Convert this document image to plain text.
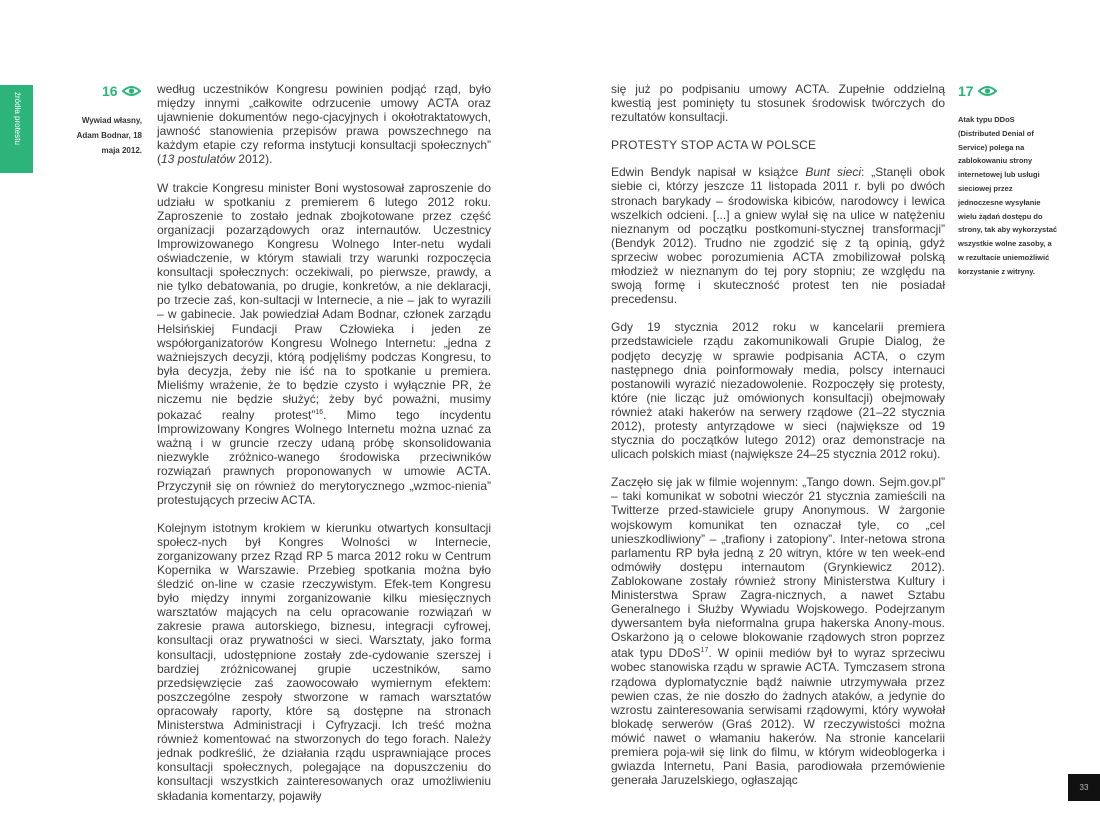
źródła protestu
16
Wywiad własny, Adam Bodnar, 18 maja 2012.
17
Atak typu DDoS (Distributed Denial of Service) polega na zablokowaniu strony internetowej lub usługi sieciowej przez jednoczesne wysyłanie wielu żądań dostępu do strony, tak aby wykorzystać wszystkie wolne zasoby, a w rezultacie uniemożliwić korzystanie z witryny.

według uczestników Kongresu powinien podjąć rząd, było między innymi „całkowite odrzucenie umowy ACTA oraz ujawnienie dokumentów nego-cjacyjnych i okołotraktatowych, jawność stanowienia przepisów prawa powszechnego na każdym etapie czy reforma instytucji konsultacji społecznych” (13 postulatów 2012).

W trakcie Kongresu minister Boni wystosował zaproszenie do udziału w spotkaniu z premierem 6 lutego 2012 roku. Zaproszenie to zostało jednak zbojkotowane przez część organizacji pozarządowych oraz internautów. Uczestnicy Improwizowanego Kongresu Wolnego Inter-netu wydali oświadczenie, w którym stawiali trzy warunki rozpoczęcia konsultacji społecznych: oczekiwali, po pierwsze, prawdy, a nie tylko debatowania, po drugie, konkretów, a nie deklaracji, po trzecie zaś, kon-sultacji w Internecie, a nie – jak to wyrazili – w gabinecie. Jak powiedział Adam Bodnar, członek zarządu Helsińskiej Fundacji Praw Człowieka i jeden ze współorganizatorów Kongresu Wolnego Internetu: „jedna z ważniejszych decyzji, którą podjęliśmy podczas Kongresu, to była decyzja, żeby nie iść na to spotkanie u premiera. Mieliśmy wrażenie, że to będzie czysto i wyłącznie PR, że niczemu nie będzie służyć; żeby być poważni, musimy pokazać realny protest”$^{16}$. Mimo tego incydentu Improwizowany Kongres Wolnego Internetu można uznać za ważną i w gruncie rzeczy udaną próbę skonsolidowania niezwykle zróżnico-wanego środowiska przeciwników rozwiązań prawnych proponowanych w umowie ACTA. Przyczynił się on również do merytorycznego „wzmoc-nienia” protestujących przeciw ACTA.

Kolejnym istotnym krokiem w kierunku otwartych konsultacji społecz-nych był Kongres Wolności w Internecie, zorganizowany przez Rząd RP 5 marca 2012 roku w Centrum Kopernika w Warszawie. Przebieg spotkania można było śledzić on-line w czasie rzeczywistym. Efek-tem Kongresu było między innymi zorganizowanie kilku miesięcznych warsztatów mających na celu opracowanie rozwiązań w zakresie prawa autorskiego, biznesu, integracji cyfrowej, konsultacji oraz prywatności w sieci. Warsztaty, jako forma konsultacji, udostępnione zostały zde-cydowanie szerszej i bardziej zróżnicowanej grupie uczestników, samo przedsięwzięcie zaś zaowocowało wymiernym efektem: poszczególne zespoły stworzone w ramach warsztatów opracowały raporty, które są dostępne na stronach Ministerstwa Administracji i Cyfryzacji. Ich treść można również komentować na stworzonych do tego forach. Należy jednak podkreślić, że działania rządu usprawniające proces konsultacji społecznych, polegające na dopuszczeniu do konsultacji wszystkich zainteresowanych oraz umożliwieniu składania komentarzy, pojawiły

się już po podpisaniu umowy ACTA. Zupełnie oddzielną kwestią jest pominięty tu stosunek środowisk twórczych do rezultatów konsultacji.

PROTESTY STOP ACTA W POLSCE

Edwin Bendyk napisał w książce Bunt sieci: „Stanęli obok siebie ci, którzy jeszcze 11 listopada 2011 r. byli po dwóch stronach barykady – środowiska kibiców, narodowcy i lewica wszelkich odcieni. [...] a gniew wylał się na ulice w natężeniu nieznanym od początku postkomuni-stycznej transformacji” (Bendyk 2012). Trudno nie zgodzić się z tą opinią, gdyż sprzeciw wobec porozumienia ACTA zmobilizował polską młodzież w nieznanym do tej pory stopniu; ze względu na swoją formę i skuteczność protest ten nie posiadał precedensu.

Gdy 19 stycznia 2012 roku w kancelarii premiera przedstawiciele rządu zakomunikowali Grupie Dialog, że podjęto decyzję w sprawie podpisania ACTA, o czym następnego dnia poinformowały media, polscy internauci postanowili wyrazić niezadowolenie. Rozpoczęły się protesty, które (nie licząc już omówionych konsultacji) obejmowały również ataki hakerów na serwery rządowe (21–22 stycznia 2012), protesty antyrządowe w sieci (największe od 19 stycznia do początków lutego 2012) oraz demonstracje na ulicach polskich miast (największe 24–25 stycznia 2012 roku).

Zaczęło się jak w filmie wojennym: „Tango down. Sejm.gov.pl” – taki komunikat w sobotni wieczór 21 stycznia zamieścili na Twitterze przed-stawiciele grupy Anonymous. W żargonie wojskowym komunikat ten oznaczał tyle, co „cel unieszkodliwiony” – „trafiony i zatopiony”. Inter-netowa strona parlamentu RP była jedną z 20 witryn, które w ten week-end odmówiły dostępu internautom (Grynkiewicz 2012). Zablokowane zostały również strony Ministerstwa Kultury i Ministerstwa Spraw Zagra-nicznych, a nawet Sztabu Generalnego i Służby Wywiadu Wojskowego. Podejrzanym dywersantem była nieformalna grupa hakerska Anony-mous. Oskarżono ją o celowe blokowanie rządowych stron poprzez atak typu DDoS$^{17}$. W opinii mediów był to wyraz sprzeciwu wobec stanowiska rządu w sprawie ACTA. Tymczasem strona rządowa dyplomatycznie bądź naiwnie utrzymywała przez pewien czas, że nie doszło do żadnych ataków, a jedynie do wzrostu zainteresowania serwisami rządowymi, który wywołał blokadę serwerów (Graś 2012). W rzeczywistości można mówić nawet o włamaniu hakerów. Na stronie kancelarii premiera poja-wił się link do filmu, w którym wideoblogerka i gwiazda Internetu, Pani Basia, parodiowała przemówienie generała Jaruzelskiego, ogłaszając

33
